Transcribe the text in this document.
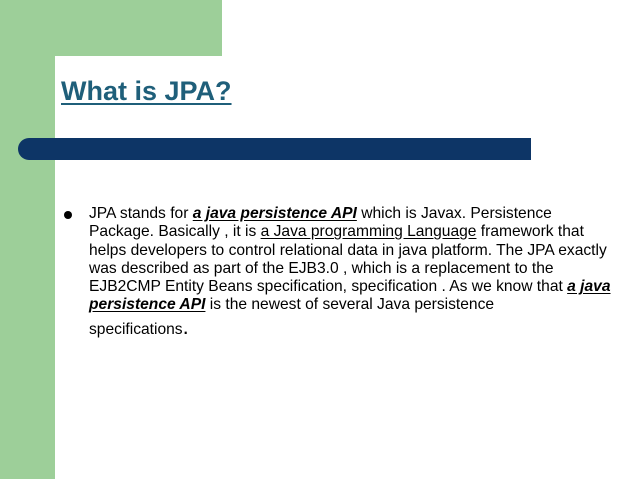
What is JPA?

JPA stands for a java persistence API which is Javax. Persistence Package. Basically , it is a Java programming Language framework that helps developers to control relational data in java platform. The JPA exactly was described as part of the EJB3.0 , which is a replacement to the EJB2CMP Entity Beans specification, specification . As we know that a java persistence API is the newest of several Java persistence
specifications.
